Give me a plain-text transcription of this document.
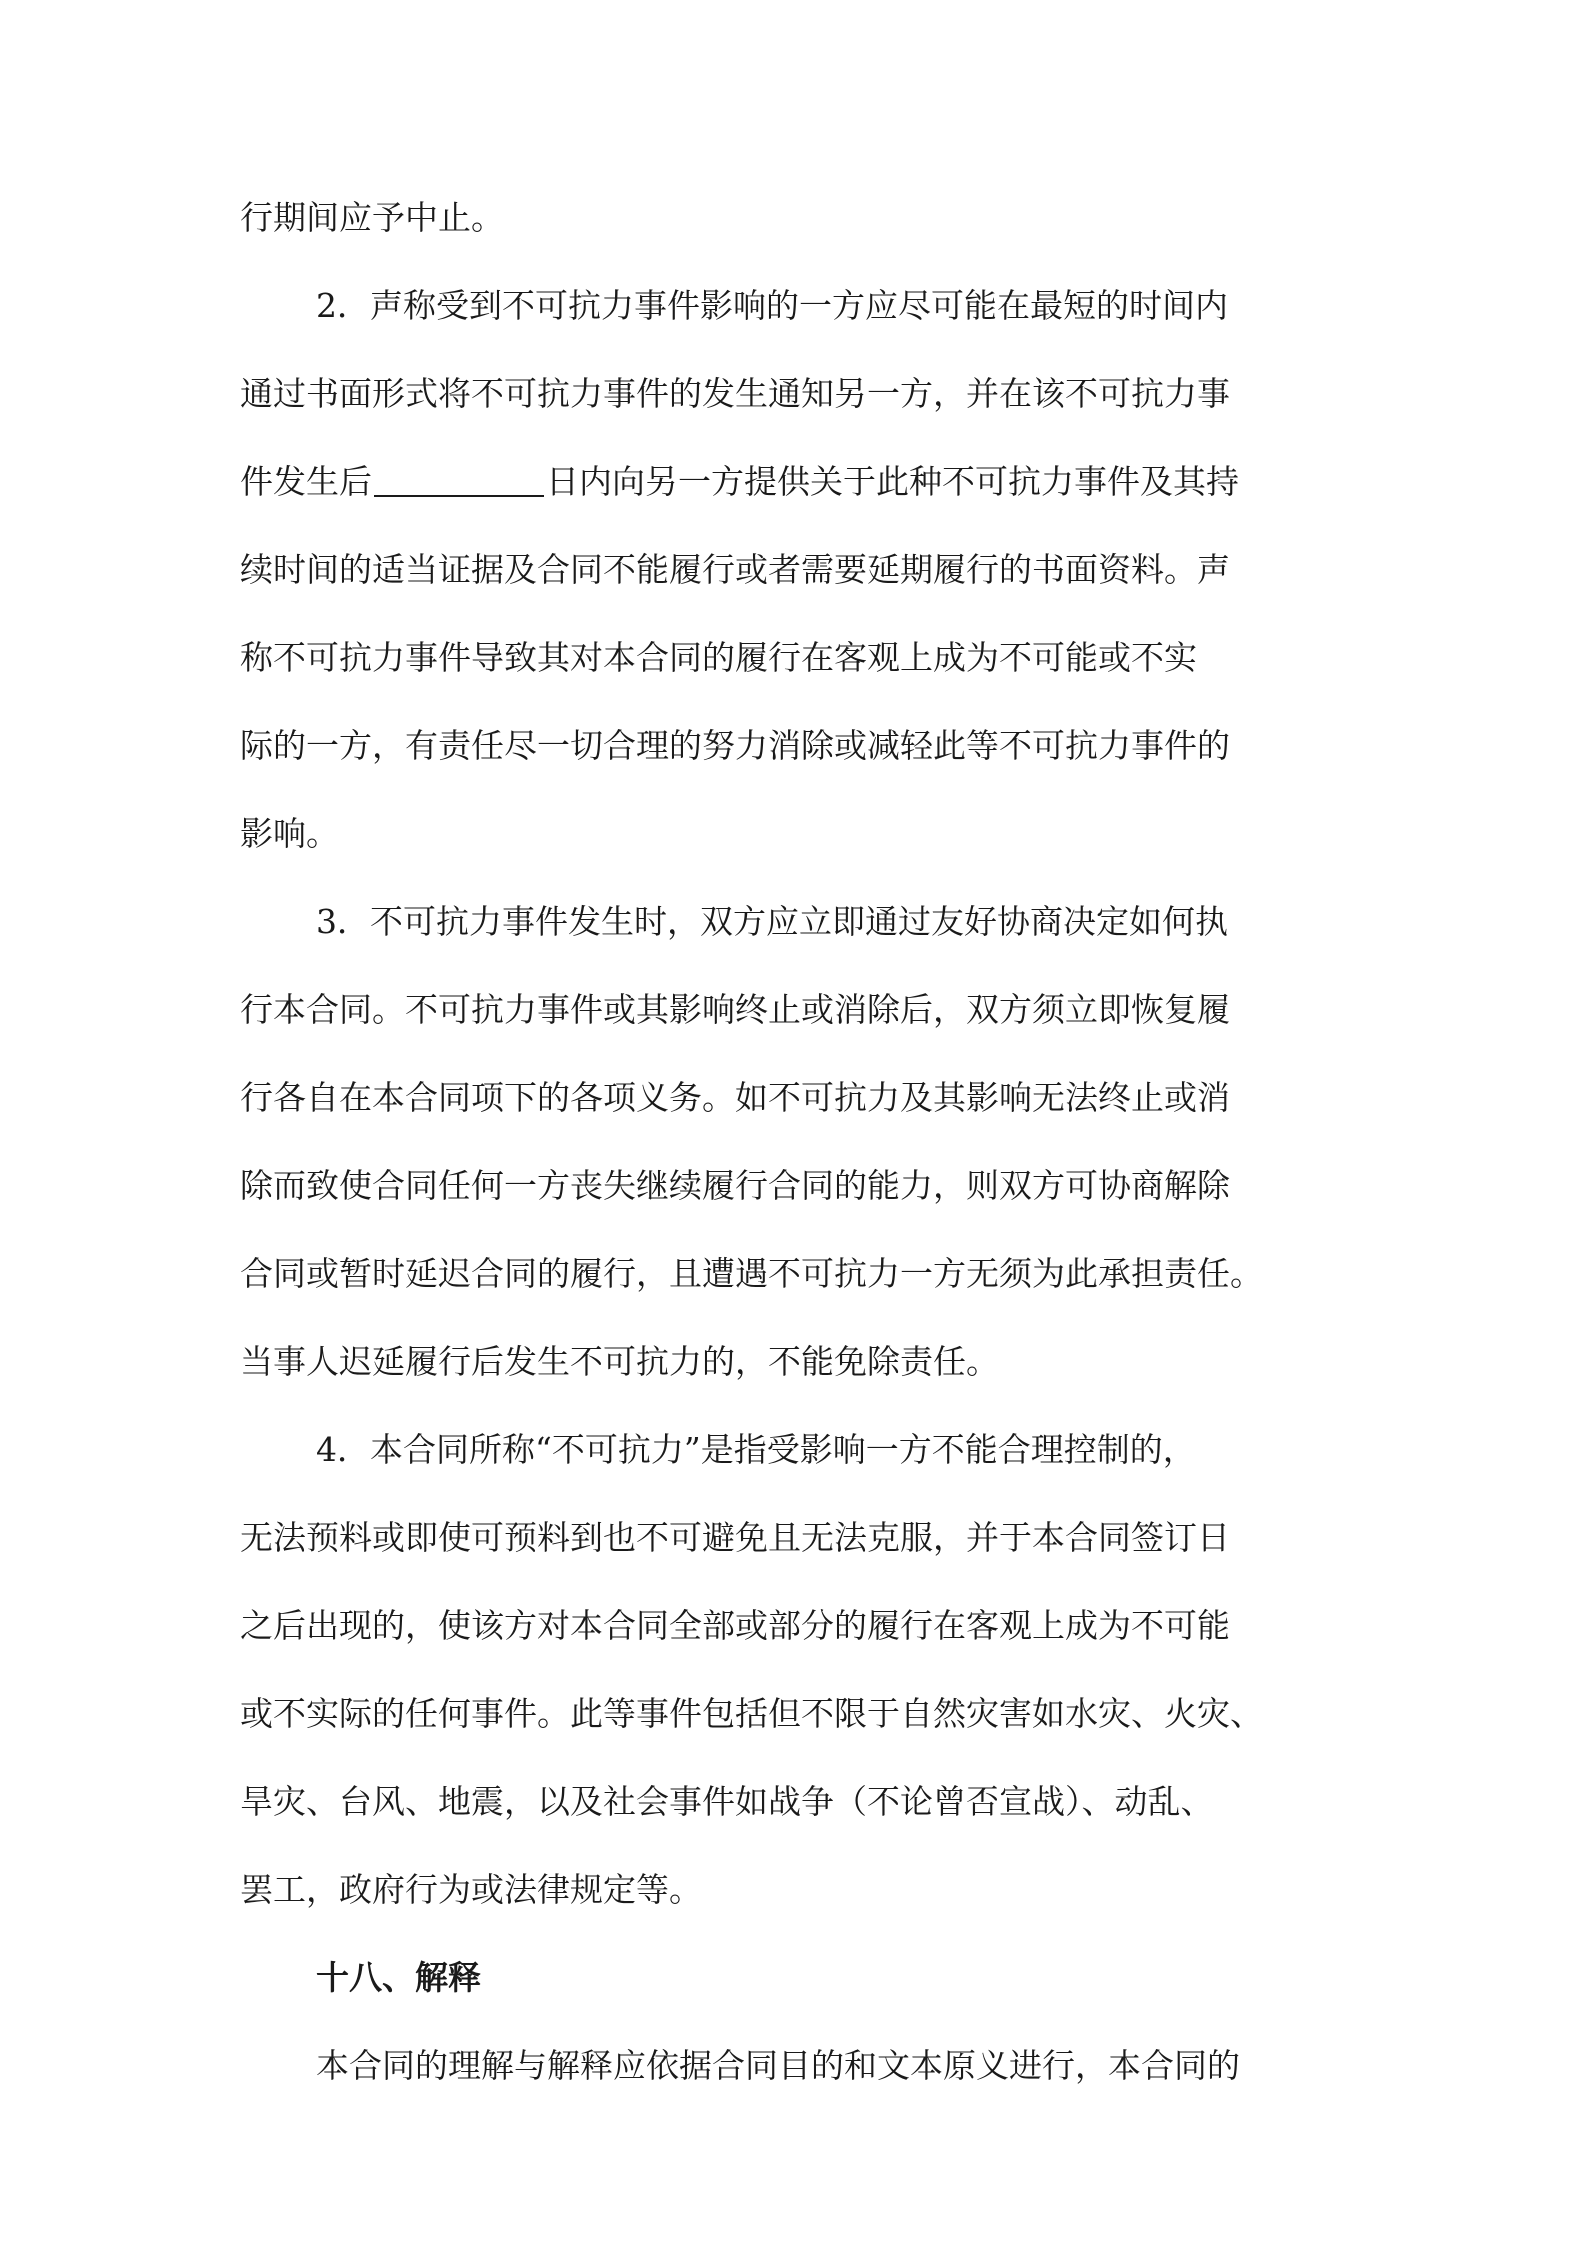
行期间应予中止。
2．声称受到不可抗力事件影响的一方应尽可能在最短的时间内
通过书面形式将不可抗力事件的发生通知另一方，并在该不可抗力事
件发生后	日内向另一方提供关于此种不可抗力事件及其持
续时间的适当证据及合同不能履行或者需要延期履行的书面资料。声
称不可抗力事件导致其对本合同的履行在客观上成为不可能或不实
际的一方，有责任尽一切合理的努力消除或减轻此等不可抗力事件的
影响。
3．不可抗力事件发生时，双方应立即通过友好协商决定如何执
行本合同。不可抗力事件或其影响终止或消除后，双方须立即恢复履
行各自在本合同项下的各项义务。如不可抗力及其影响无法终止或消
除而致使合同任何一方丧失继续履行合同的能力，则双方可协商解除
合同或暂时延迟合同的履行，且遭遇不可抗力一方无须为此承担责任。
当事人迟延履行后发生不可抗力的，不能免除责任。
4．本合同所称“不可抗力”是指受影响一方不能合理控制的，
无法预料或即使可预料到也不可避免且无法克服，并于本合同签订日
之后出现的，使该方对本合同全部或部分的履行在客观上成为不可能
或不实际的任何事件。此等事件包括但不限于自然灾害如水灾、火灾、
旱灾、台风、地震，以及社会事件如战争（不论曾否宣战）、动乱、
罢工，政府行为或法律规定等。
十八、解释
本合同的理解与解释应依据合同目的和文本原义进行，本合同的
